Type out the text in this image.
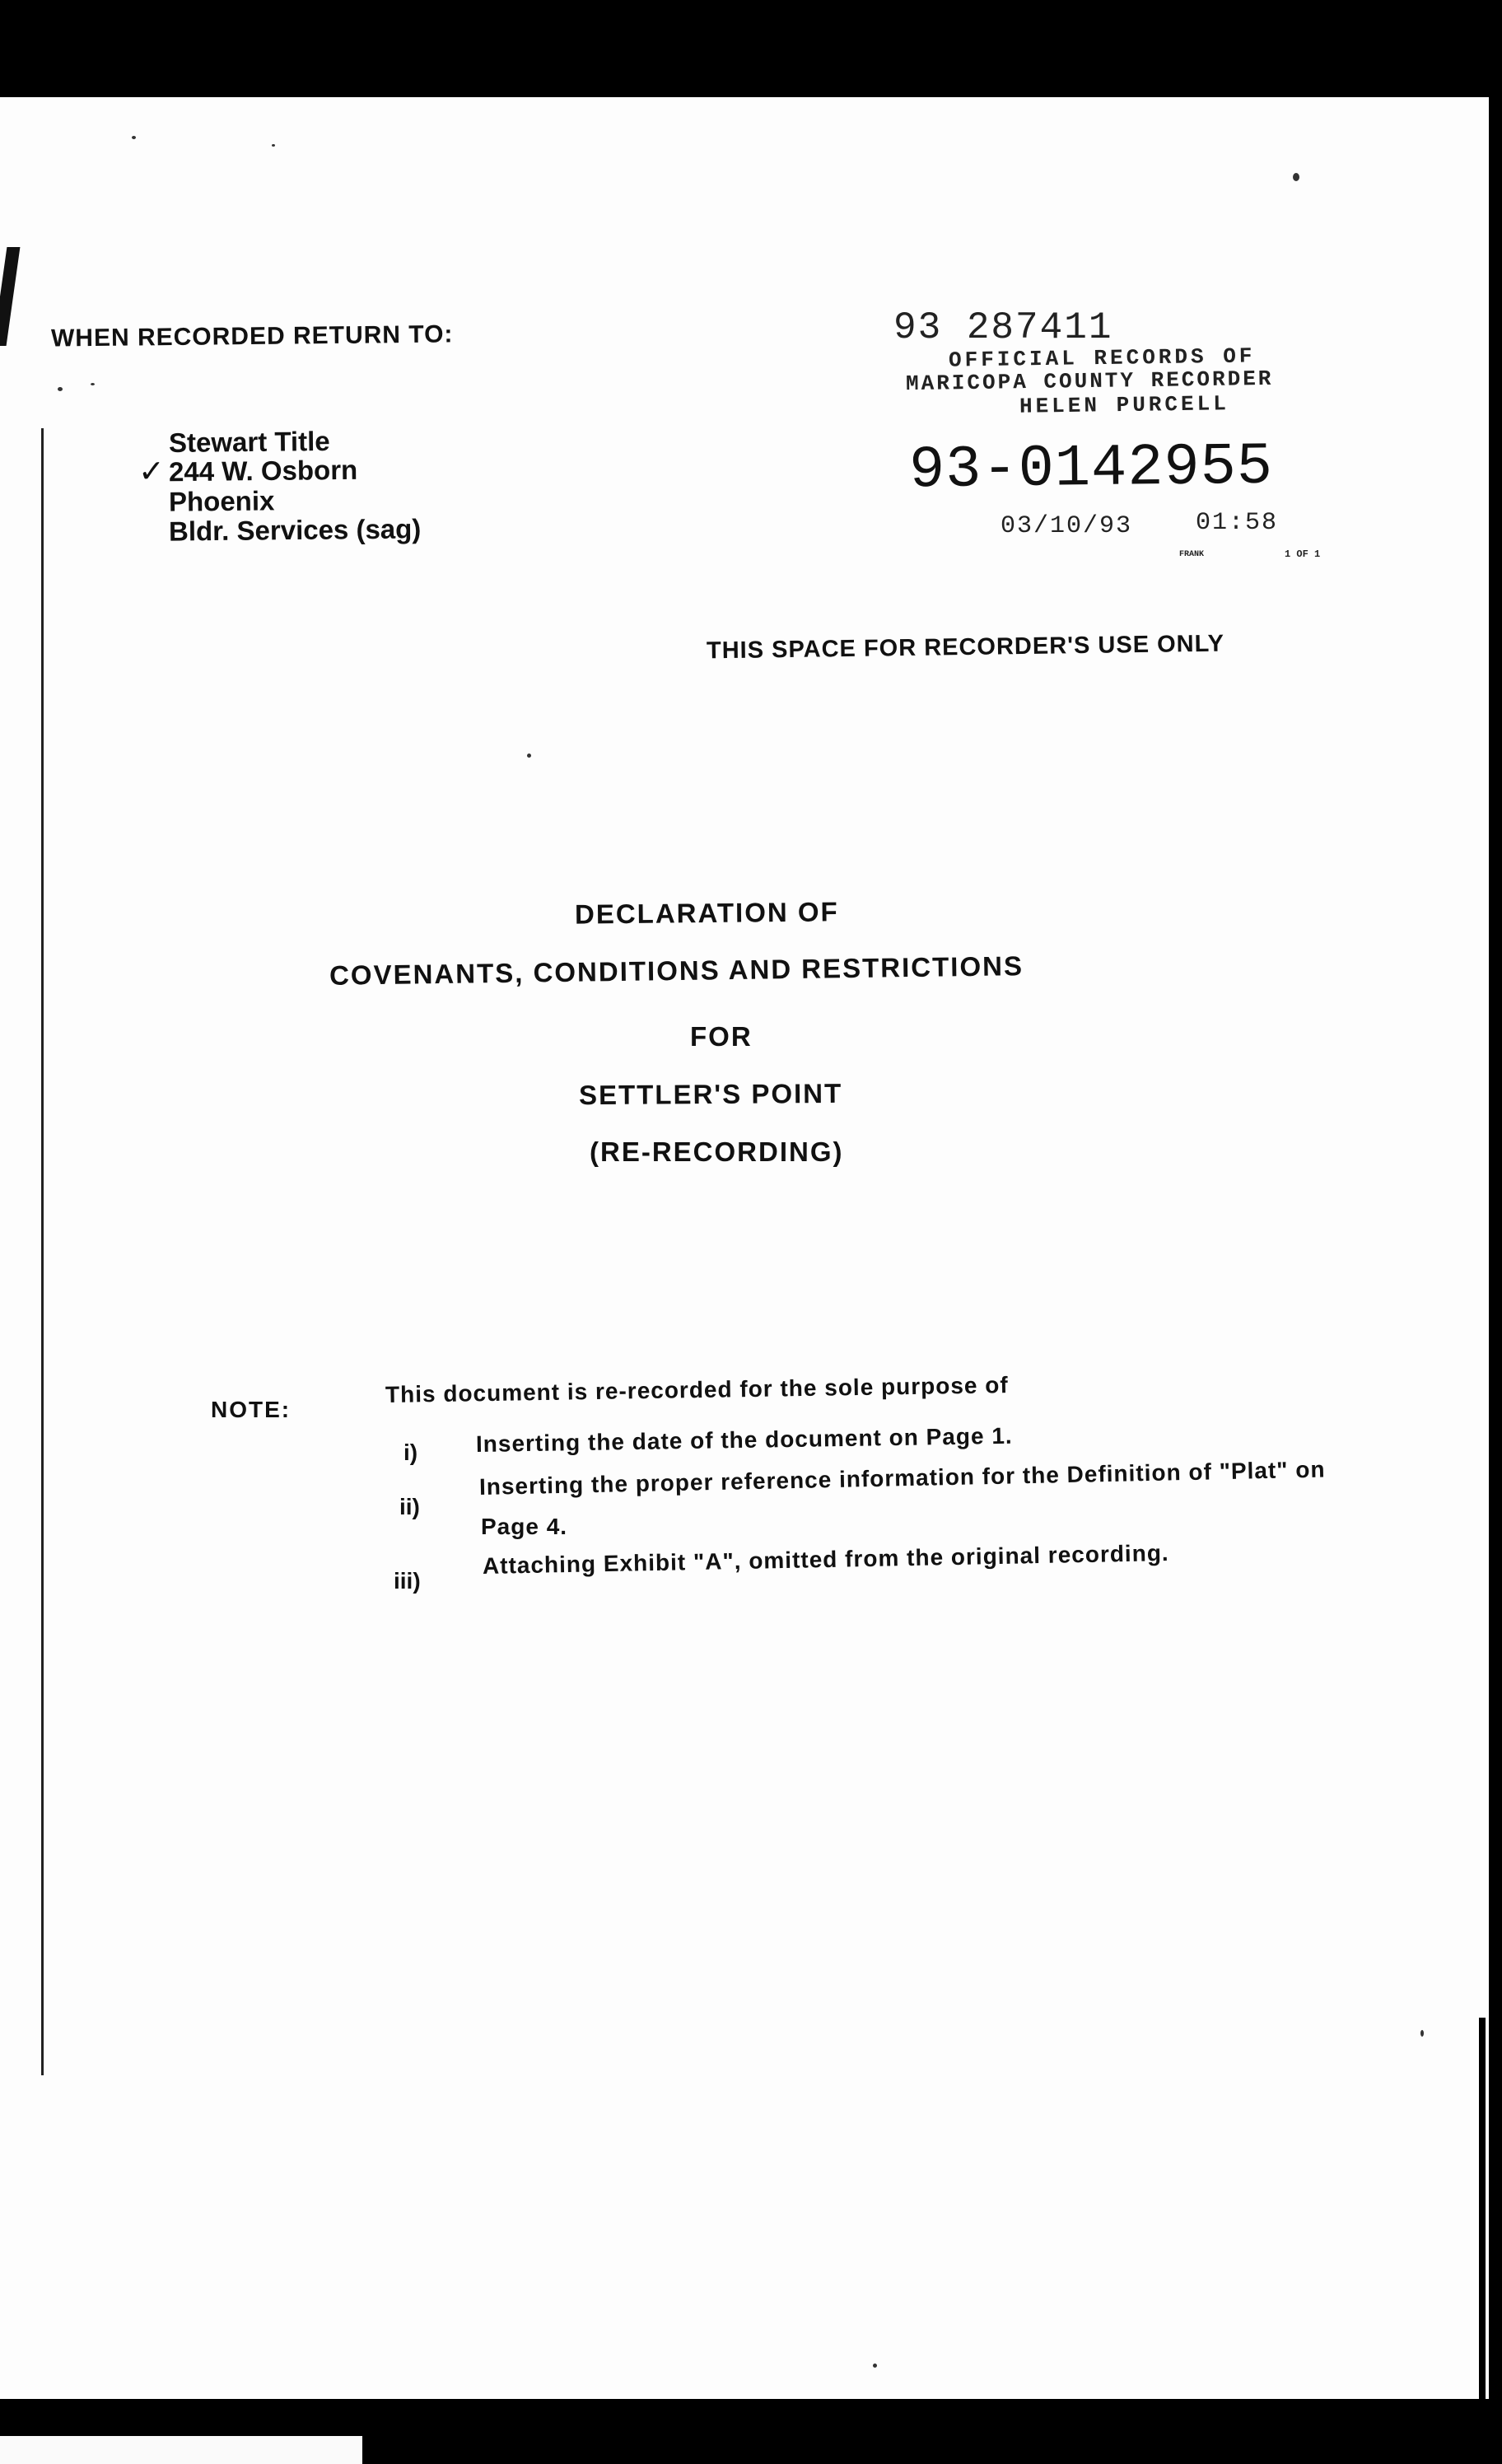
WHEN RECORDED RETURN TO:
✓
Stewart Title
244 W. Osborn
Phoenix
Bldr. Services (sag)
93 287411
OFFICIAL RECORDS OF
MARICOPA COUNTY RECORDER
HELEN PURCELL
93-0142955
03/10/93	01:58
FRANK	1 OF 1
THIS SPACE FOR RECORDER'S USE ONLY
DECLARATION OF
COVENANTS, CONDITIONS AND RESTRICTIONS
FOR
SETTLER'S POINT
(RE-RECORDING)
NOTE:
This document is re-recorded for the sole purpose of
i)	Inserting the date of the document on Page 1.
ii)
Inserting the proper reference information for the Definition of "Plat" on
Page 4.
iii)
Attaching Exhibit "A", omitted from the original recording.
